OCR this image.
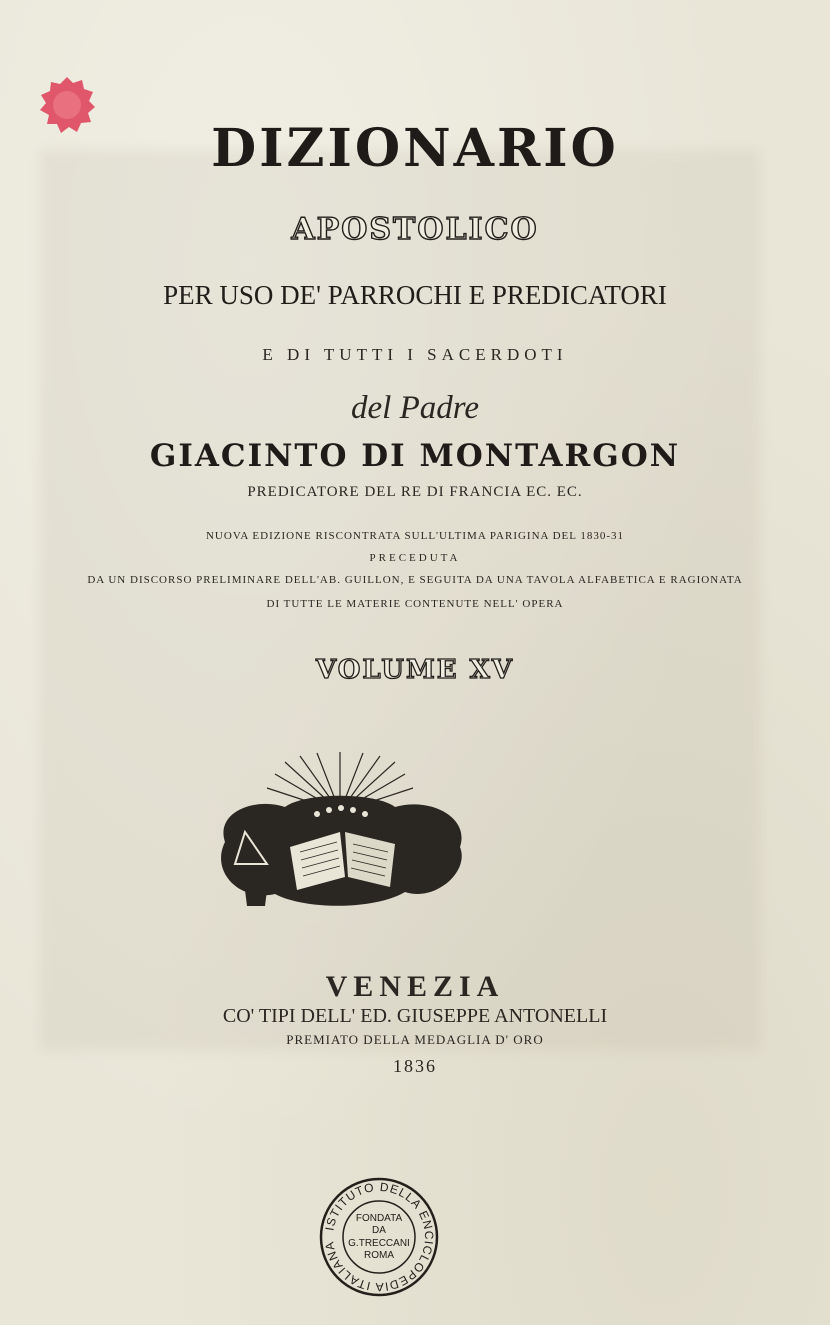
DIZIONARIO
APOSTOLICO
PER USO DE' PARROCHI E PREDICATORI
E DI TUTTI I SACERDOTI
del Padre
GIACINTO DI MONTARGON
PREDICATORE DEL RE DI FRANCIA EC. EC.
NUOVA EDIZIONE RISCONTRATA SULL'ULTIMA PARIGINA DEL 1830-31
PRECEDUTA
DA UN DISCORSO PRELIMINARE DELL'AB. GUILLON, E SEGUITA DA UNA TAVOLA ALFABETICA E RAGIONATA
DI TUTTE LE MATERIE CONTENUTE NELL' OPERA
VOLUME XV
VENEZIA
CO' TIPI DELL' ED. GIUSEPPE ANTONELLI
PREMIATO DELLA MEDAGLIA D' ORO
1836
ISTITUTO DELLA ENCICLOPEDIA ITALIANA
FONDATA
DA
G.TRECCANI
ROMA
